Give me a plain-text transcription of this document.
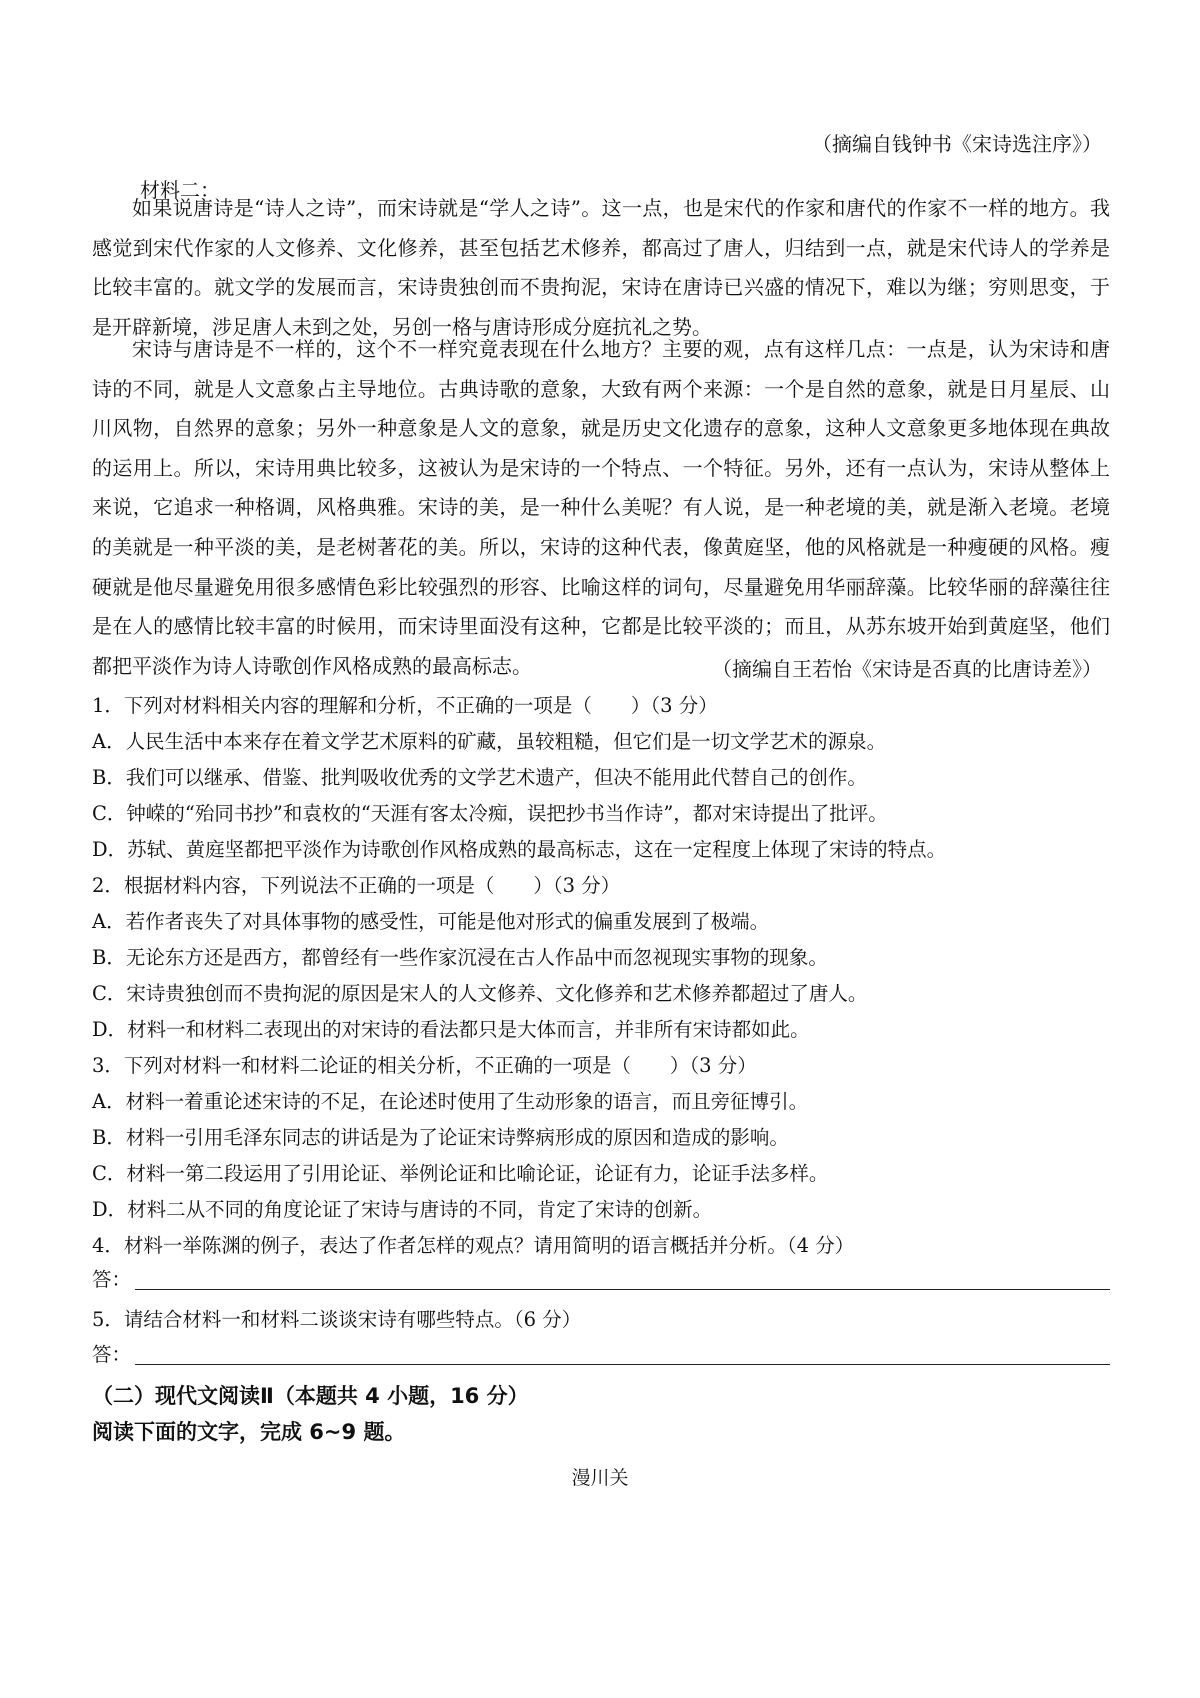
（摘编自钱钟书《宋诗选注序》）
材料二：

如果说唐诗是“诗人之诗”，而宋诗就是“学人之诗”。这一点，也是宋代的作家和唐代的作家不一样的地方。我感觉到宋代作家的人文修养、文化修养，甚至包括艺术修养，都高过了唐人，归结到一点，就是宋代诗人的学养是比较丰富的。就文学的发展而言，宋诗贵独创而不贵拘泥，宋诗在唐诗已兴盛的情况下，难以为继；穷则思变，于是开辟新境，涉足唐人未到之处，另创一格与唐诗形成分庭抗礼之势。

宋诗与唐诗是不一样的，这个不一样究竟表现在什么地方？主要的观，点有这样几点：一点是，认为宋诗和唐诗的不同，就是人文意象占主导地位。古典诗歌的意象，大致有两个来源：一个是自然的意象，就是日月星辰、山川风物，自然界的意象；另外一种意象是人文的意象，就是历史文化遗存的意象，这种人文意象更多地体现在典故的运用上。所以，宋诗用典比较多，这被认为是宋诗的一个特点、一个特征。另外，还有一点认为，宋诗从整体上来说，它追求一种格调，风格典雅。宋诗的美，是一种什么美呢？有人说，是一种老境的美，就是渐入老境。老境的美就是一种平淡的美，是老树著花的美。所以，宋诗的这种代表，像黄庭坚，他的风格就是一种瘦硬的风格。瘦硬就是他尽量避免用很多感情色彩比较强烈的形容、比喻这样的词句，尽量避免用华丽辞藻。比较华丽的辞藻往往是在人的感情比较丰富的时候用，而宋诗里面没有这种，它都是比较平淡的；而且，从苏东坡开始到黄庭坚，他们都把平淡作为诗人诗歌创作风格成熟的最高标志。	（摘编自王若怡《宋诗是否真的比唐诗差》）
1．下列对材料相关内容的理解和分析，不正确的一项是（　　）（3 分）
A．人民生活中本来存在着文学艺术原料的矿藏，虽较粗糙，但它们是一切文学艺术的源泉。
B．我们可以继承、借鉴、批判吸收优秀的文学艺术遗产，但决不能用此代替自己的创作。
C．钟嵘的“殆同书抄”和袁枚的“天涯有客太冷痴，误把抄书当作诗”，都对宋诗提出了批评。
D．苏轼、黄庭坚都把平淡作为诗歌创作风格成熟的最高标志，这在一定程度上体现了宋诗的特点。
2．根据材料内容，下列说法不正确的一项是（　　）（3 分）
A．若作者丧失了对具体事物的感受性，可能是他对形式的偏重发展到了极端。
B．无论东方还是西方，都曾经有一些作家沉浸在古人作品中而忽视现实事物的现象。
C．宋诗贵独创而不贵拘泥的原因是宋人的人文修养、文化修养和艺术修养都超过了唐人。
D．材料一和材料二表现出的对宋诗的看法都只是大体而言，并非所有宋诗都如此。
3．下列对材料一和材料二论证的相关分析，不正确的一项是（　　）（3 分）
A．材料一着重论述宋诗的不足，在论述时使用了生动形象的语言，而且旁征博引。
B．材料一引用毛泽东同志的讲话是为了论证宋诗弊病形成的原因和造成的影响。
C．材料一第二段运用了引用论证、举例论证和比喻论证，论证有力，论证手法多样。
D．材料二从不同的角度论证了宋诗与唐诗的不同，肯定了宋诗的创新。
4．材料一举陈渊的例子，表达了作者怎样的观点？请用简明的语言概括并分析。（4 分）
答：
5．请结合材料一和材料二谈谈宋诗有哪些特点。（6 分）
答：
（二）现代文阅读Ⅱ（本题共 4 小题，16 分）
阅读下面的文字，完成 6~9 题。
漫川关
